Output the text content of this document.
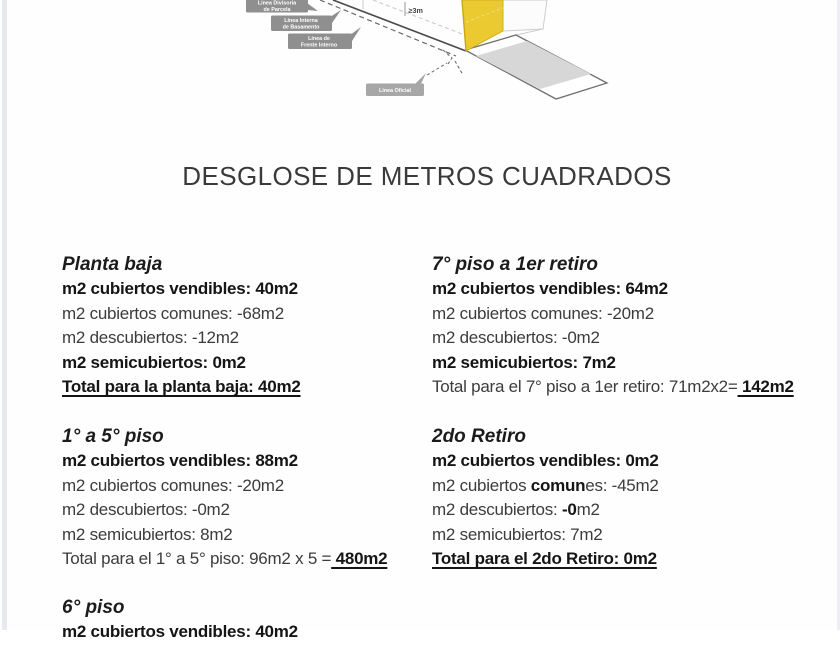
≥3m
Línea Divisoria
de Parcela
Línea Interna
de Basamento
Línea de
Frente Interno
Línea Oficial
DESGLOSE DE METROS CUADRADOS
Planta baja
m2 cubiertos vendibles: 40m2
m2 cubiertos comunes: -68m2
m2 descubiertos: -12m2
m2 semicubiertos: 0m2
Total para la planta baja: 40m2
7° piso a 1er retiro
m2 cubiertos vendibles: 64m2
m2 cubiertos comunes: -20m2
m2 descubiertos: -0m2
m2 semicubiertos: 7m2
Total para el 7° piso a 1er retiro: 71m2x2= 142m2
1° a 5° piso
m2 cubiertos vendibles: 88m2
m2 cubiertos comunes: -20m2
m2 descubiertos: -0m2
m2 semicubiertos: 8m2
Total para el 1° a 5° piso: 96m2 x 5 = 480m2
2do Retiro
m2 cubiertos vendibles: 0m2
m2 cubiertos comunes: -45m2
m2 descubiertos: -0m2
m2 semicubiertos: 7m2
Total para el 2do Retiro: 0m2
6° piso
m2 cubiertos vendibles: 40m2
